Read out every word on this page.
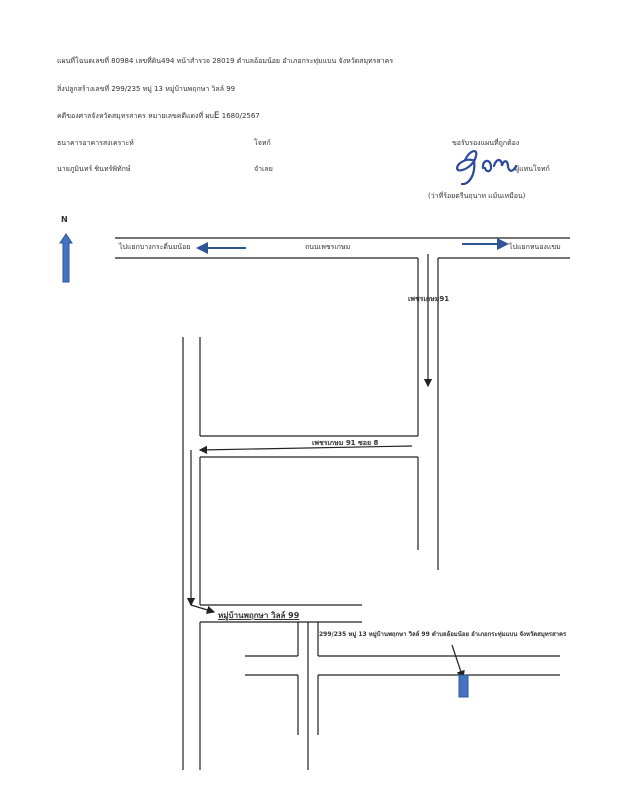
แผนที่โฉนดเลขที่ 80984 เลขที่ดิน494 หน้าสำรวจ 28019 ตำบลอ้อมน้อย อำเภอกระทุ่มแบน จังหวัดสมุทรสาคร
สิ่งปลูกสร้างเลขที่ 299/235 หมู่ 13 หมู่บ้านพฤกษา วิลล์ 99
คดีของศาลจังหวัดสมุทรสาคร หมายเลขคดีแดงที่ ผบE 1680/2567
ธนาคารอาคารสงเคราะห์	โจทก์
นายภูมินทร์ ชินทร์พิทักษ์	จำเลย
ขอรับรองแผนที่ถูกต้อง
ผู้แทนโจทก์
(ว่าที่ร้อยตรีนฤนาท แม้นเหมือน)
N
ไปแยกบางกระดี่นมน้อย	ถนนเพชรเกษม	ไปแยกหนองแขม
เพชรเกษม91
เพชรเกษม 91 ซอย 8
หมู่บ้านพฤกษา วิลล์ 99
299/235 หมู่ 13 หมู่บ้านพฤกษา วิลล์ 99 ตำบลอ้อมน้อย อำเภอกระทุ่มแบน จังหวัดสมุทรสาคร
